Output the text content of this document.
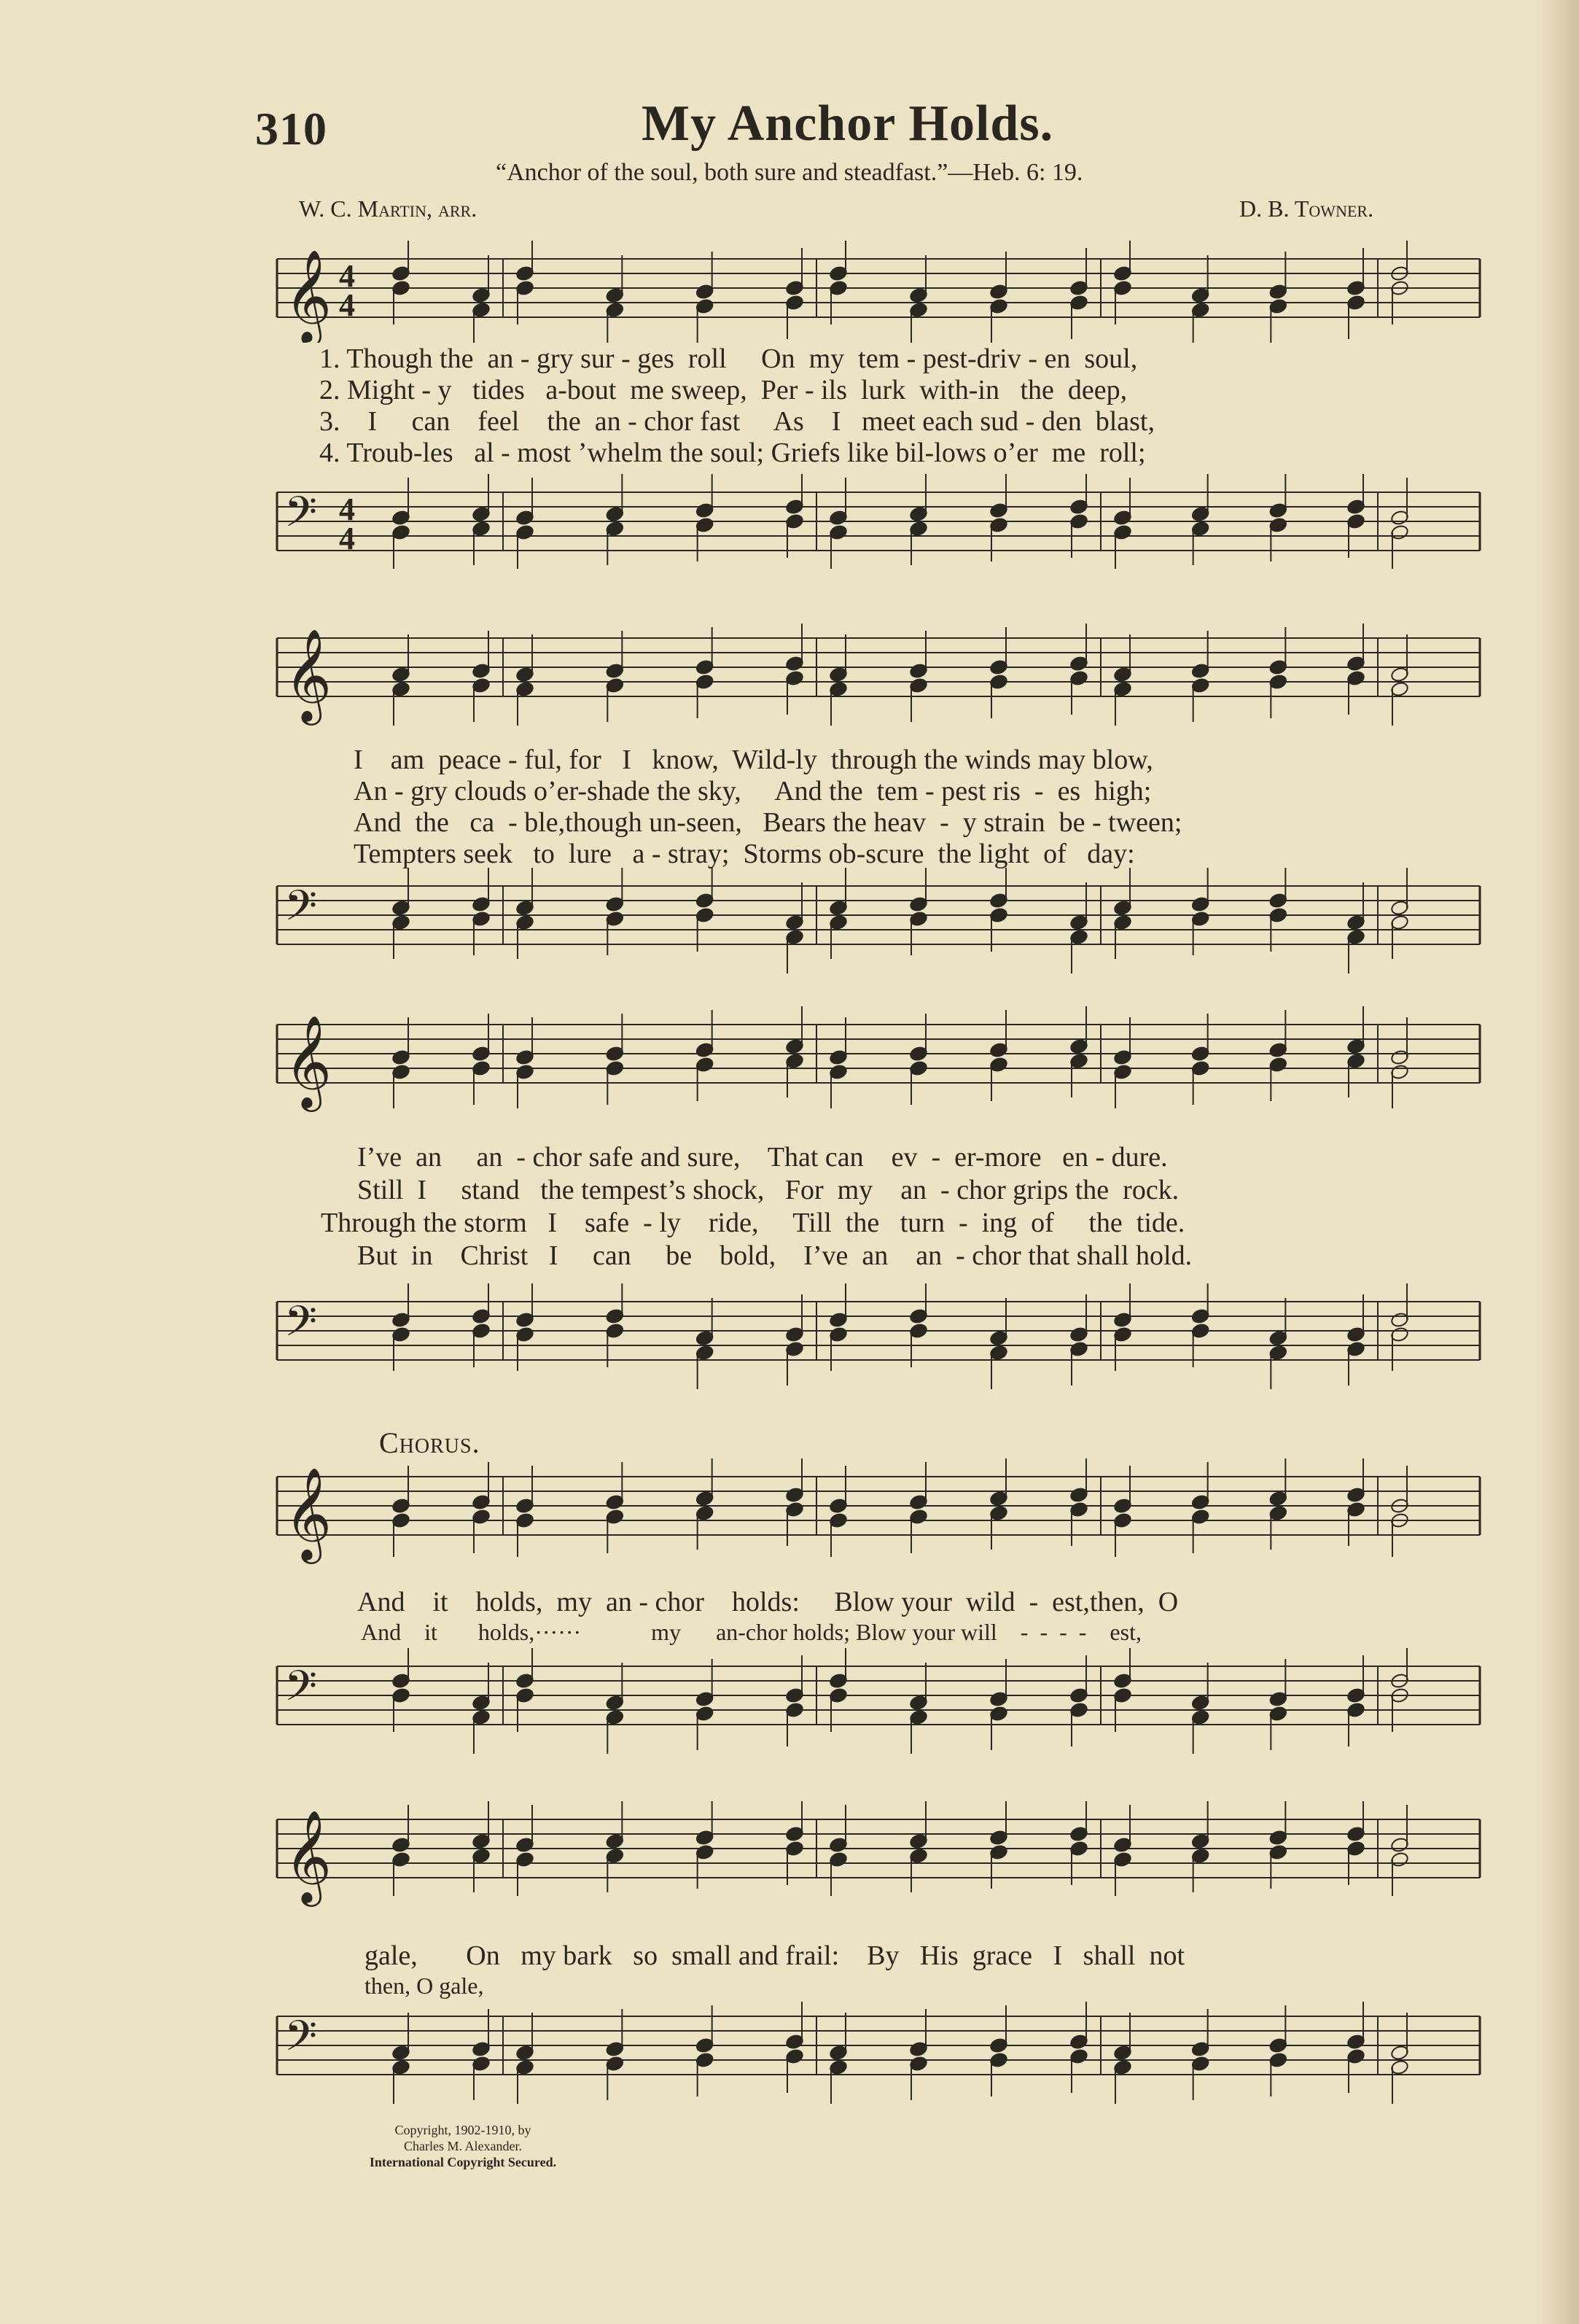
310	My Anchor Holds.
“Anchor of the soul, both sure and steadfast.”—Heb. 6: 19.
W. C. Martin, arr.	D. B. Towner.
𝄞 4
4
1. Though the  an - gry sur - ges  roll     On  my  tem - pest-driv - en  soul,
2. Might - y   tides   a-bout  me sweep,  Per - ils  lurk  with-in   the  deep,
3.    I     can    feel    the  an - chor fast     As    I   meet each sud - den  blast,
4. Troub-les   al - most ’whelm the soul; Griefs like bil-lows o’er  me  roll;
𝄢 4
4
𝄞
I    am  peace - ful, for   I   know,  Wild-ly  through the winds may blow,
An - gry clouds o’er-shade the sky,     And the  tem - pest ris  -  es  high;
And  the   ca  - ble,though un-seen,   Bears the heav  -  y strain  be - tween;
Tempters seek   to  lure   a - stray;  Storms ob-scure  the light  of   day:
𝄢
𝄞
I’ve  an     an  - chor safe and sure,    That can    ev  -  er-more   en - dure.
Still  I     stand   the tempest’s shock,   For  my    an  - chor grips the  rock.
Through the storm   I    safe  - ly    ride,     Till  the   turn  -  ing  of     the  tide.
But  in    Christ   I     can     be    bold,    I’ve  an    an  - chor that shall hold.
𝄢
Chorus.
𝄞
And    it    holds,  my  an - chor    holds:     Blow your  wild  -  est,then,  O
And    it       holds,······            my      an-chor holds; Blow your will    -  -  -  -    est,
𝄢
𝄞
gale,       On   my bark   so  small and frail:    By   His  grace   I   shall  not
then, O gale,
𝄢
Copyright, 1902-1910, by
Charles M. Alexander.
International Copyright Secured.
